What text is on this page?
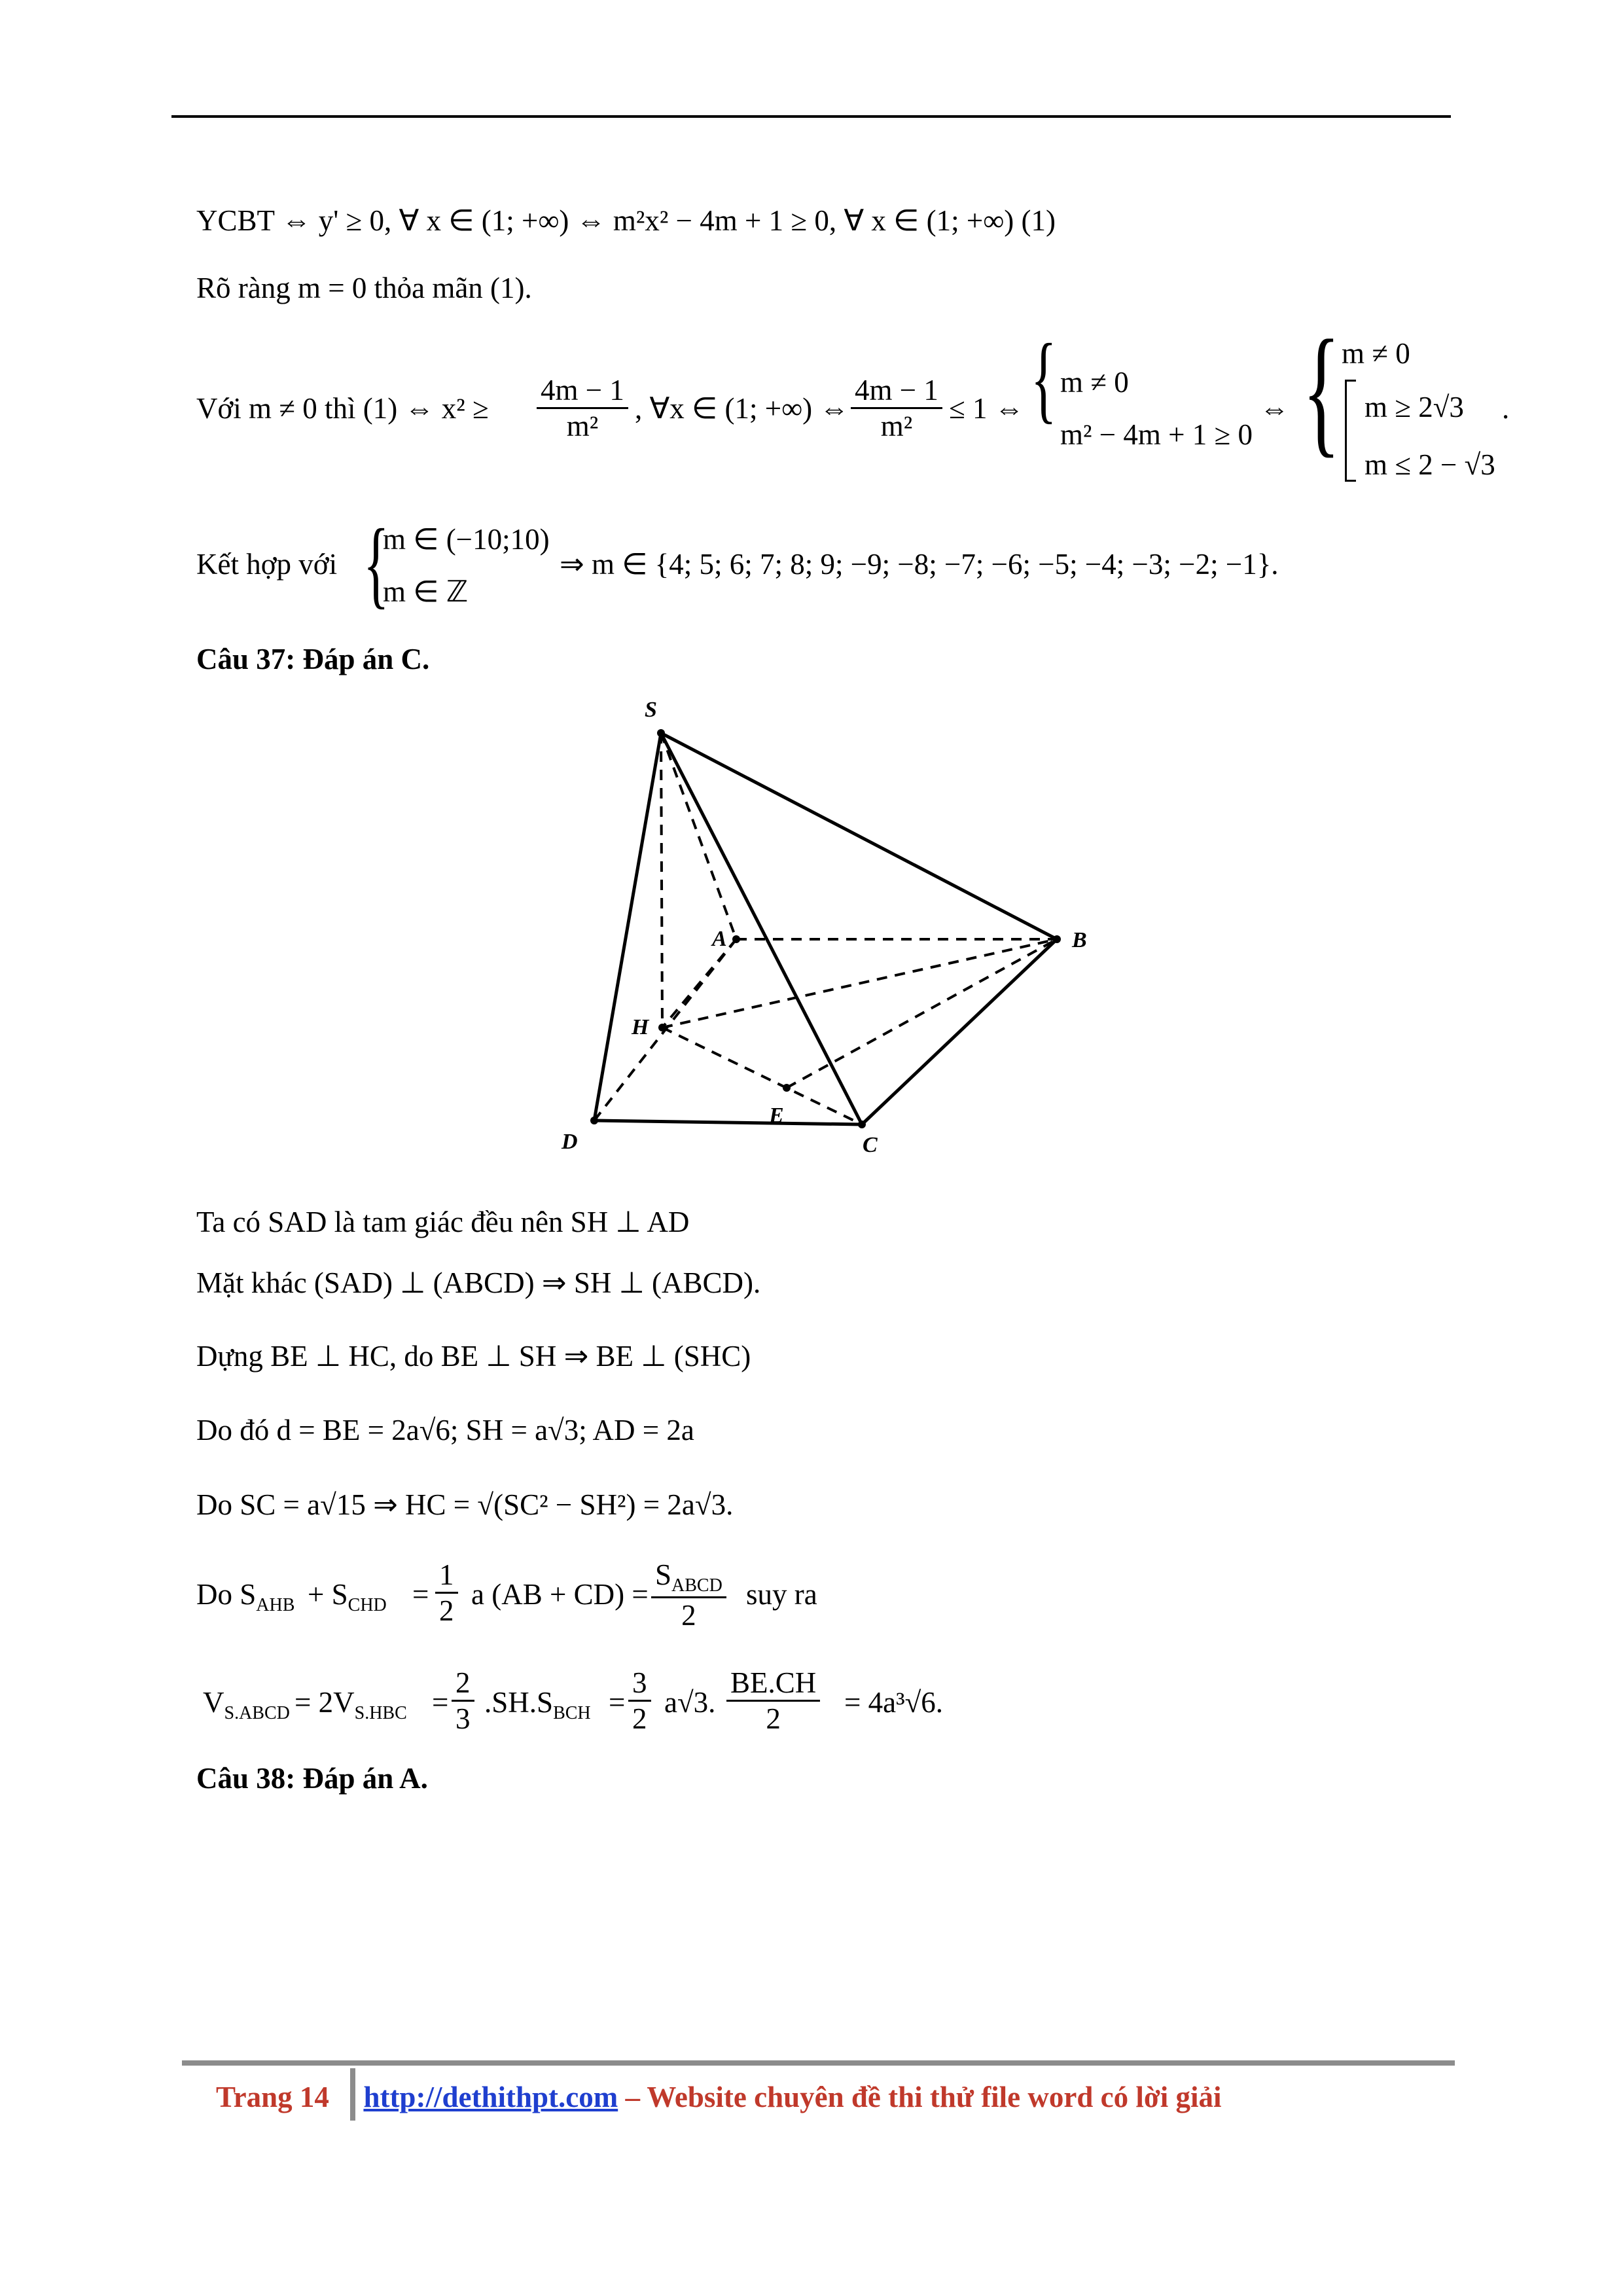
YCBT ⇔ y' ≥ 0, ∀ x ∈ (1; +∞) ⇔ m²x² − 4m + 1 ≥ 0, ∀ x ∈ (1; +∞) (1)
Rõ ràng m = 0 thỏa mãn (1).
Với m ≠ 0 thì (1) ⇔ $x^2 \ge \frac{4m - 1}{\text{m²}}$ , ∀x ∈ (1; +∞) ⇔ $\frac{4m - 1}{\text{m²}} \le 1$ ⇔ { m ≠ 0
m² − 4m + 1 ≥ 0
⇔ { m ≠ 0
m ≥ 2√3
m ≤ 2 − √3
.
Kết hợp với {
m ∈ (−10;10)
m ∈ ℤ
⇒ m ∈ {4; 5; 6; 7; 8; 9; −9; −8; −7; −6; −5; −4; −3; −2; −1}.
Câu 37: Đáp án C.
S
A	B
H
E
D	C
Ta có SAD là tam giác đều nên SH ⊥ AD
Mặt khác (SAD) ⊥ (ABCD) ⇒ SH ⊥ (ABCD).
Dựng BE ⊥ HC, do BE ⊥ SH ⇒ BE ⊥ (SHC)
Do đó d = BE = 2a√6; SH = a√3; AD = 2a
Do SC = a√15 ⇒ HC = √(SC² − SH²) = 2a√3.
Do $S_{AHB} + S_{CHD} = \frac{1}{2}$ a (AB + CD) =
$S_{ABCD}$
2
suy ra
$V_{S.ABCD} = 2V_{S.HBC} = \frac{2}{3} .SH.S_{BCH} = \frac{3}{2} a√3$. $\frac{BE.CH}{2} = 4a^3√6$.
Câu 38: Đáp án A.
Trang 14 http://dethithpt.com – Website chuyên đề thi thử file word có lời giải
